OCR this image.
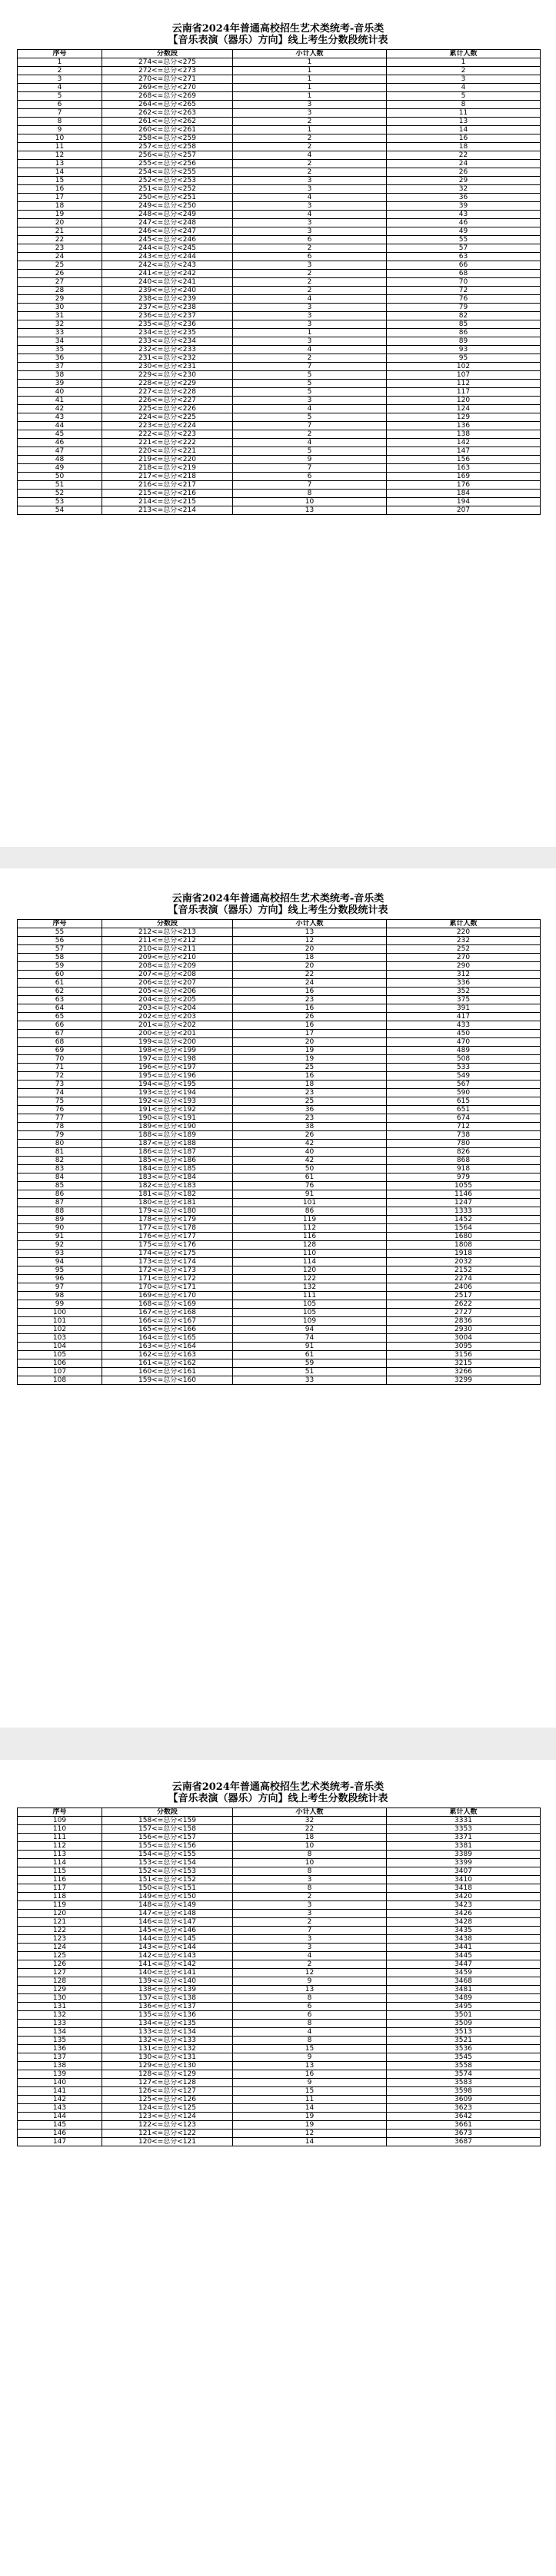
云南省2024年普通高校招生艺术类统考-音乐类
【音乐表演（器乐）方向】线上考生分数段统计表
序号	分数段	小计人数	累计人数
1	274<=总分<275	1	1
2	272<=总分<273	1	2
3	270<=总分<271	1	3
4	269<=总分<270	1	4
5	268<=总分<269	1	5
6	264<=总分<265	3	8
7	262<=总分<263	3	11
8	261<=总分<262	2	13
9	260<=总分<261	1	14
10	258<=总分<259	2	16
11	257<=总分<258	2	18
12	256<=总分<257	4	22
13	255<=总分<256	2	24
14	254<=总分<255	2	26
15	252<=总分<253	3	29
16	251<=总分<252	3	32
17	250<=总分<251	4	36
18	249<=总分<250	3	39
19	248<=总分<249	4	43
20	247<=总分<248	3	46
21	246<=总分<247	3	49
22	245<=总分<246	6	55
23	244<=总分<245	2	57
24	243<=总分<244	6	63
25	242<=总分<243	3	66
26	241<=总分<242	2	68
27	240<=总分<241	2	70
28	239<=总分<240	2	72
29	238<=总分<239	4	76
30	237<=总分<238	3	79
31	236<=总分<237	3	82
32	235<=总分<236	3	85
33	234<=总分<235	1	86
34	233<=总分<234	3	89
35	232<=总分<233	4	93
36	231<=总分<232	2	95
37	230<=总分<231	7	102
38	229<=总分<230	5	107
39	228<=总分<229	5	112
40	227<=总分<228	5	117
41	226<=总分<227	3	120
42	225<=总分<226	4	124
43	224<=总分<225	5	129
44	223<=总分<224	7	136
45	222<=总分<223	2	138
46	221<=总分<222	4	142
47	220<=总分<221	5	147
48	219<=总分<220	9	156
49	218<=总分<219	7	163
50	217<=总分<218	6	169
51	216<=总分<217	7	176
52	215<=总分<216	8	184
53	214<=总分<215	10	194
54	213<=总分<214	13	207
云南省2024年普通高校招生艺术类统考-音乐类
【音乐表演（器乐）方向】线上考生分数段统计表
序号	分数段	小计人数	累计人数
55	212<=总分<213	13	220
56	211<=总分<212	12	232
57	210<=总分<211	20	252
58	209<=总分<210	18	270
59	208<=总分<209	20	290
60	207<=总分<208	22	312
61	206<=总分<207	24	336
62	205<=总分<206	16	352
63	204<=总分<205	23	375
64	203<=总分<204	16	391
65	202<=总分<203	26	417
66	201<=总分<202	16	433
67	200<=总分<201	17	450
68	199<=总分<200	20	470
69	198<=总分<199	19	489
70	197<=总分<198	19	508
71	196<=总分<197	25	533
72	195<=总分<196	16	549
73	194<=总分<195	18	567
74	193<=总分<194	23	590
75	192<=总分<193	25	615
76	191<=总分<192	36	651
77	190<=总分<191	23	674
78	189<=总分<190	38	712
79	188<=总分<189	26	738
80	187<=总分<188	42	780
81	186<=总分<187	40	826
82	185<=总分<186	42	868
83	184<=总分<185	50	918
84	183<=总分<184	61	979
85	182<=总分<183	76	1055
86	181<=总分<182	91	1146
87	180<=总分<181	101	1247
88	179<=总分<180	86	1333
89	178<=总分<179	119	1452
90	177<=总分<178	112	1564
91	176<=总分<177	116	1680
92	175<=总分<176	128	1808
93	174<=总分<175	110	1918
94	173<=总分<174	114	2032
95	172<=总分<173	120	2152
96	171<=总分<172	122	2274
97	170<=总分<171	132	2406
98	169<=总分<170	111	2517
99	168<=总分<169	105	2622
100	167<=总分<168	105	2727
101	166<=总分<167	109	2836
102	165<=总分<166	94	2930
103	164<=总分<165	74	3004
104	163<=总分<164	91	3095
105	162<=总分<163	61	3156
106	161<=总分<162	59	3215
107	160<=总分<161	51	3266
108	159<=总分<160	33	3299
云南省2024年普通高校招生艺术类统考-音乐类
【音乐表演（器乐）方向】线上考生分数段统计表
序号	分数段	小计人数	累计人数
109	158<=总分<159	32	3331
110	157<=总分<158	22	3353
111	156<=总分<157	18	3371
112	155<=总分<156	10	3381
113	154<=总分<155	8	3389
114	153<=总分<154	10	3399
115	152<=总分<153	8	3407
116	151<=总分<152	3	3410
117	150<=总分<151	8	3418
118	149<=总分<150	2	3420
119	148<=总分<149	3	3423
120	147<=总分<148	3	3426
121	146<=总分<147	2	3428
122	145<=总分<146	7	3435
123	144<=总分<145	3	3438
124	143<=总分<144	3	3441
125	142<=总分<143	4	3445
126	141<=总分<142	2	3447
127	140<=总分<141	12	3459
128	139<=总分<140	9	3468
129	138<=总分<139	13	3481
130	137<=总分<138	8	3489
131	136<=总分<137	6	3495
132	135<=总分<136	6	3501
133	134<=总分<135	8	3509
134	133<=总分<134	4	3513
135	132<=总分<133	8	3521
136	131<=总分<132	15	3536
137	130<=总分<131	9	3545
138	129<=总分<130	13	3558
139	128<=总分<129	16	3574
140	127<=总分<128	9	3583
141	126<=总分<127	15	3598
142	125<=总分<126	11	3609
143	124<=总分<125	14	3623
144	123<=总分<124	19	3642
145	122<=总分<123	19	3661
146	121<=总分<122	12	3673
147	120<=总分<121	14	3687
